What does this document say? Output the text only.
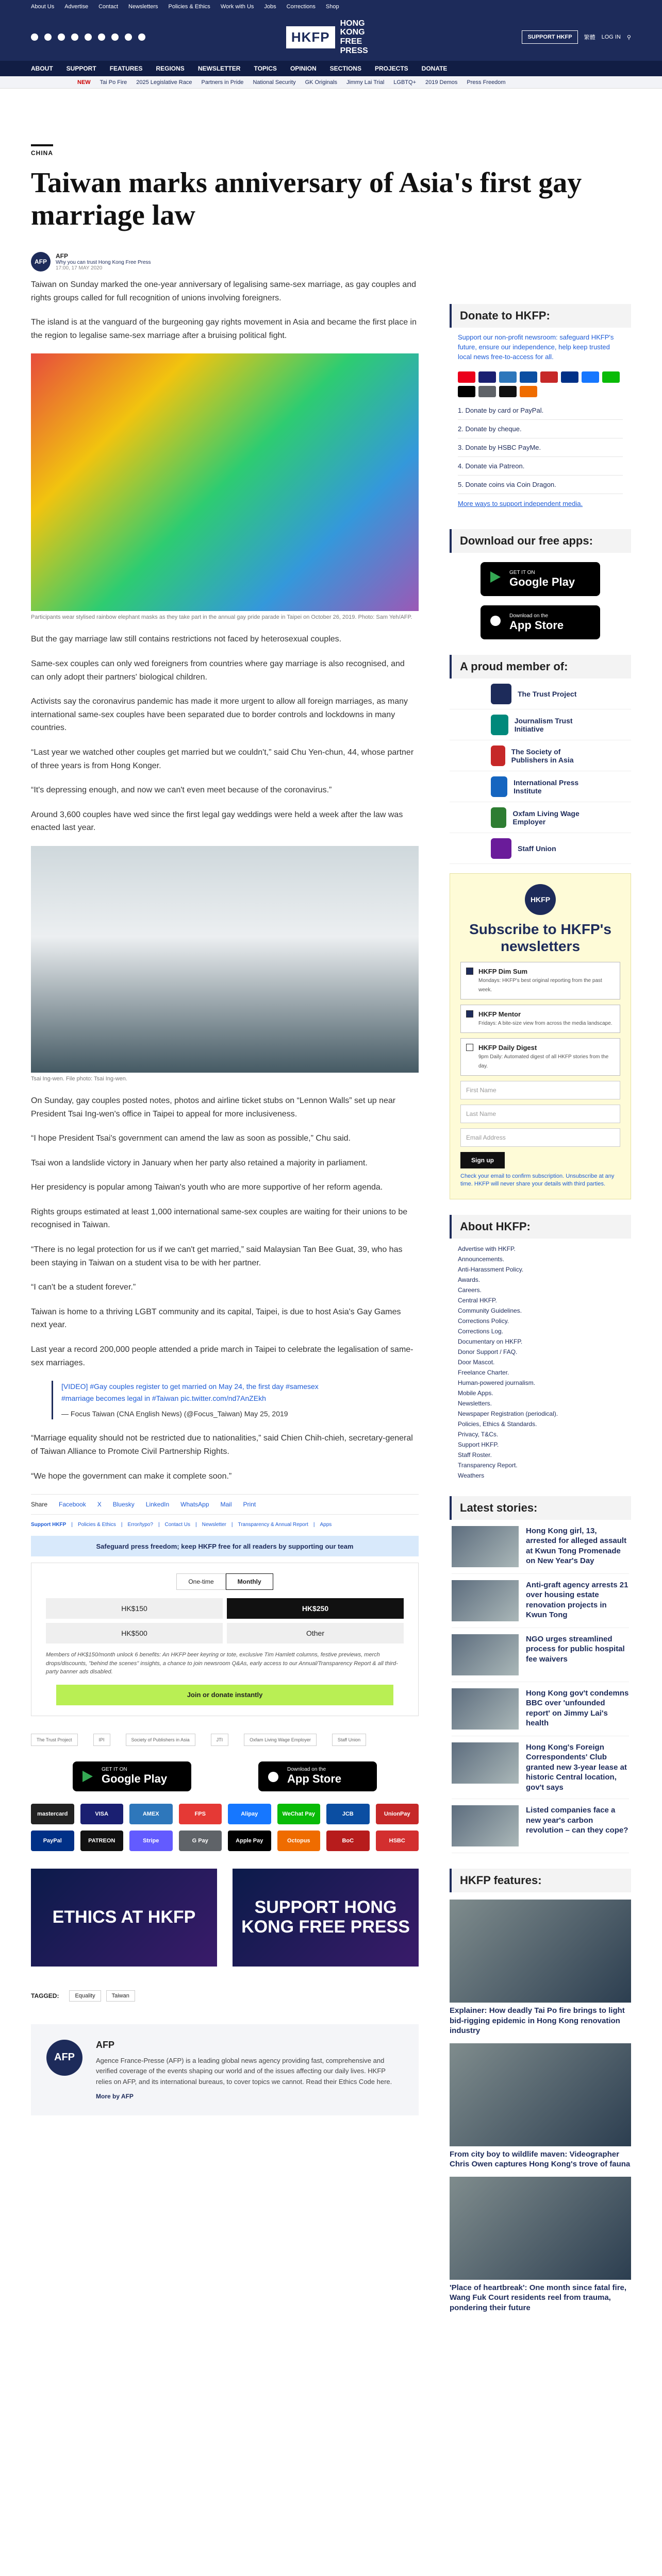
About Us Advertise Contact Newsletters Policies & Ethics Work with Us Jobs Corrections Shop
HKFP
HONG KONG FREE PRESS
SUPPORT HKFP	繁體 LOG IN ⚲
ABOUT SUPPORT FEATURES REGIONS NEWSLETTER TOPICS OPINION SECTIONS PROJECTS DONATE
NEW Tai Po Fire 2025 Legislative Race Partners in Pride National Security GK Originals Jimmy Lai Trial LGBTQ+ 2019 Demos Press Freedom
CHINA
Taiwan marks anniversary of Asia's first gay marriage law
AFP
AFP
Why you can trust Hong Kong Free Press
17:00, 17 MAY 2020

Taiwan on Sunday marked the one-year anniversary of legalising same-sex marriage, as gay couples and rights groups called for full recognition of unions involving foreigners.

The island is at the vanguard of the burgeoning gay rights movement in Asia and became the first place in the region to legalise same-sex marriage after a bruising political fight.

Participants wear stylised rainbow elephant masks as they take part in the annual gay pride parade in Taipei on October 26, 2019. Photo: Sam Yeh/AFP.

But the gay marriage law still contains restrictions not faced by heterosexual couples.

Same-sex couples can only wed foreigners from countries where gay marriage is also recognised, and can only adopt their partners' biological children.

Activists say the coronavirus pandemic has made it more urgent to allow all foreign marriages, as many international same-sex couples have been separated due to border controls and lockdowns in many countries.

“Last year we watched other couples get married but we couldn't,” said Chu Yen-chun, 44, whose partner of three years is from Hong Konger.

“It's depressing enough, and now we can't even meet because of the coronavirus.”

Around 3,600 couples have wed since the first legal gay weddings were held a week after the law was enacted last year.

Tsai Ing-wen. File photo: Tsai Ing-wen.

On Sunday, gay couples posted notes, photos and airline ticket stubs on “Lennon Walls” set up near President Tsai Ing-wen's office in Taipei to appeal for more inclusiveness.

“I hope President Tsai's government can amend the law as soon as possible,” Chu said.

Tsai won a landslide victory in January when her party also retained a majority in parliament.

Her presidency is popular among Taiwan's youth who are more supportive of her reform agenda.

Rights groups estimated at least 1,000 international same-sex couples are waiting for their unions to be recognised in Taiwan.

“There is no legal protection for us if we can't get married,” said Malaysian Tan Bee Guat, 39, who has been staying in Taiwan on a student visa to be with her partner.

“I can't be a student forever.”

Taiwan is home to a thriving LGBT community and its capital, Taipei, is due to host Asia's Gay Games next year.

Last year a record 200,000 people attended a pride march in Taipei to celebrate the legalisation of same-sex marriages.

[VIDEO] #Gay couples register to get married on May 24, the first day #samesex #marriage becomes legal in #Taiwan pic.twitter.com/nd7AnZEkh
— Focus Taiwan (CNA English News) (@Focus_Taiwan) May 25, 2019

“Marriage equality should not be restricted due to nationalities,” said Chien Chih-chieh, secretary-general of Taiwan Alliance to Promote Civil Partnership Rights.

“We hope the government can make it complete soon.”

Share Facebook X Bluesky LinkedIn WhatsApp Mail Print
Support HKFP | Policies & Ethics | Error/typo? | Contact Us | Newsletter | Transparency & Annual Report | Apps
Safeguard press freedom; keep HKFP free for all readers by supporting our team
One-time	Monthly
HK$150	HK$250
HK$500	Other
Members of HK$150/month unlock 6 benefits: An HKFP beer keyring or tote, exclusive Tim Hamlett columns, festive previews, merch drops/discounts, "behind the scenes" insights, a chance to join newsroom Q&As, early access to our Annual/Transparency Report & all third-party banner ads disabled.
Join or donate instantly
The Trust Project	IPI	Society of Publishers in Asia	JTI	Oxfam Living Wage Employer	Staff Union
GET IT ON
Google Play
Download on the
App Store
mastercard	VISA	AMEX	FPS	Alipay	WeChat Pay	JCB	UnionPay
PayPal	PATREON	Stripe	G Pay	Apple Pay	Octopus	BoC	HSBC
ETHICS AT HKFP	SUPPORT HONG KONG FREE PRESS
TAGGED:	Equality	Taiwan
AFP
AFP

Agence France-Presse (AFP) is a leading global news agency providing fast, comprehensive and verified coverage of the events shaping our world and of the issues affecting our daily lives. HKFP relies on AFP, and its international bureaus, to cover topics we cannot. Read their Ethics Code here.

More by AFP
Donate to HKFP:
Support our non-profit newsroom: safeguard HKFP's future, ensure our independence, help keep trusted local news free-to-access for all.
1. Donate by card or PayPal.
2. Donate by cheque.
3. Donate by HSBC PayMe.
4. Donate via Patreon.
5. Donate coins via Coin Dragon.
More ways to support independent media.
Download our free apps:
GET IT ON
Google Play
Download on the
App Store
A proud member of:
The Trust Project
Journalism Trust Initiative
The Society of Publishers in Asia
International Press Institute
Oxfam Living Wage Employer
Staff Union
HKFP
Subscribe to HKFP's newsletters
HKFP Dim Sum
Mondays: HKFP's best original reporting from the past week.
HKFP Mentor
Fridays: A bite-size view from across the media landscape.
HKFP Daily Digest
9pm Daily: Automated digest of all HKFP stories from the day.
First Name
Last Name
Email Address
Sign up
Check your email to confirm subscription. Unsubscribe at any time. HKFP will never share your details with third parties.
About HKFP:
Advertise with HKFP.
Announcements.
Anti-Harassment Policy.
Awards.
Careers.
Central HKFP.
Community Guidelines.
Corrections Policy.
Corrections Log.
Documentary on HKFP.
Donor Support / FAQ.
Door Mascot.
Freelance Charter.
Human-powered journalism.
Mobile Apps.
Newsletters.
Newspaper Registration (periodical).
Policies, Ethics & Standards.
Privacy, T&Cs.
Support HKFP.
Staff Roster.
Transparency Report.
Weathers
Latest stories:
Hong Kong girl, 13, arrested for alleged assault at Kwun Tong Promenade on New Year's Day
Anti-graft agency arrests 21 over housing estate renovation projects in Kwun Tong
NGO urges streamlined process for public hospital fee waivers
Hong Kong gov't condemns BBC over 'unfounded report' on Jimmy Lai's health
Hong Kong's Foreign Correspondents' Club granted new 3-year lease at historic Central location, gov't says
Listed companies face a new year's carbon revolution – can they cope?
HKFP features:
Explainer: How deadly Tai Po fire brings to light bid-rigging epidemic in Hong Kong renovation industry
From city boy to wildlife maven: Videographer Chris Owen captures Hong Kong's trove of fauna
'Place of heartbreak': One month since fatal fire, Wang Fuk Court residents reel from trauma, pondering their future
